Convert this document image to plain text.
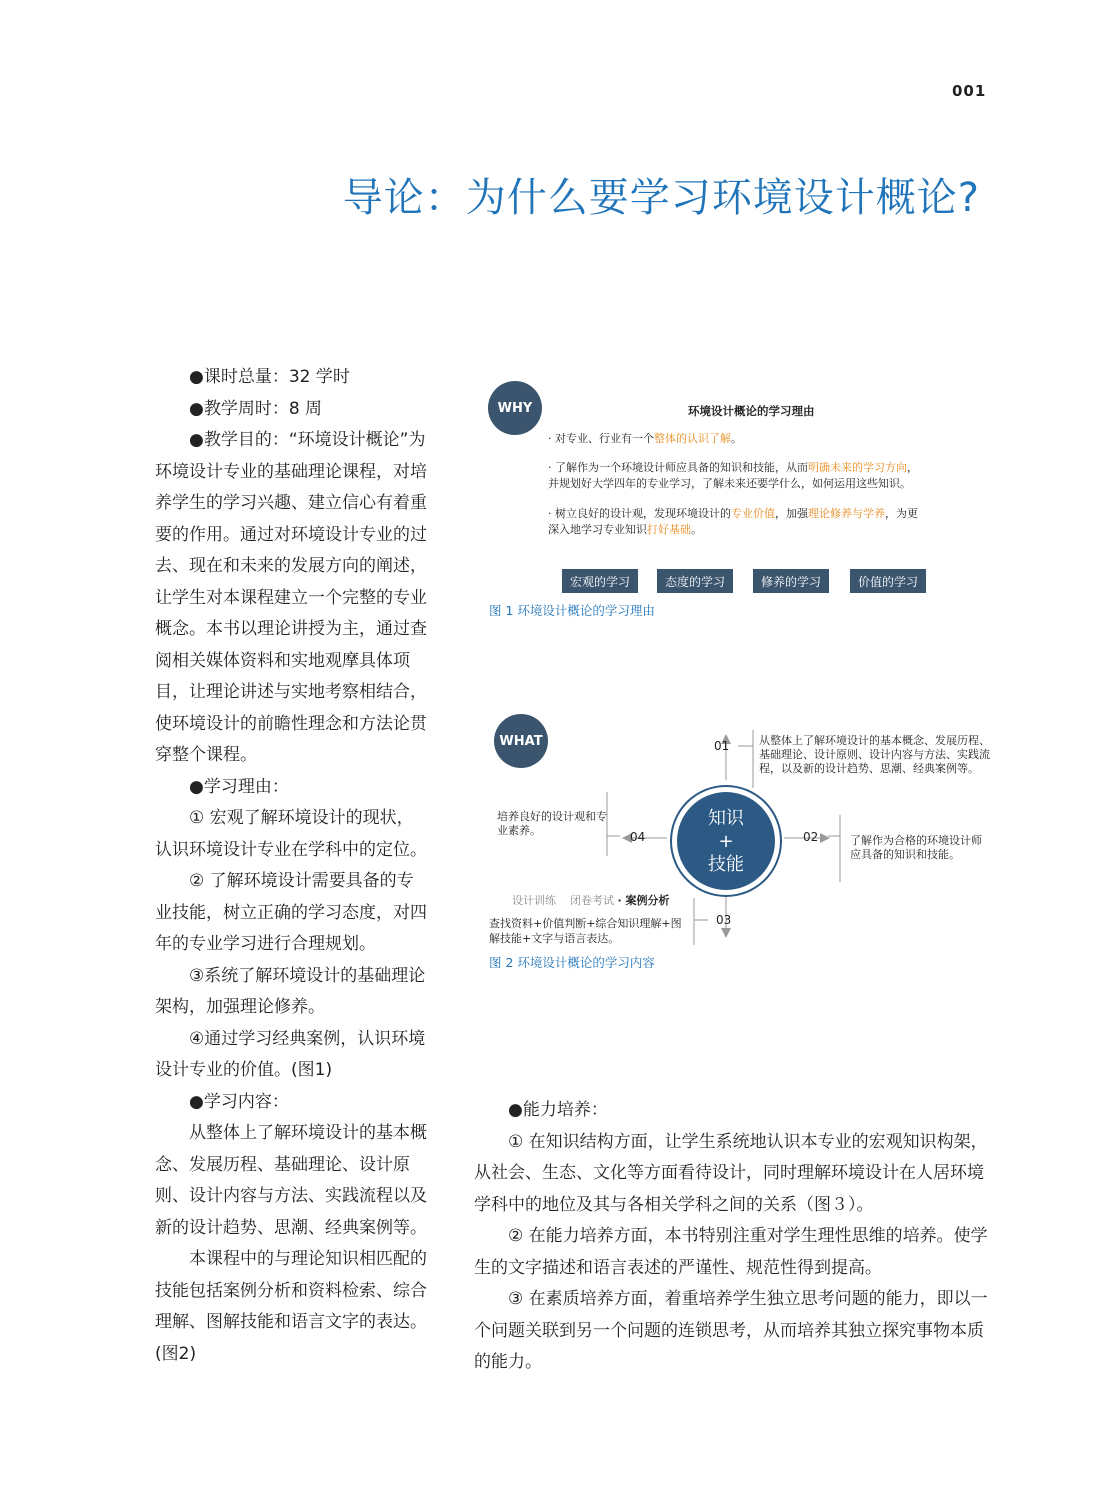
001
导论：为什么要学习环境设计概论?

●课时总量：32 学时

●教学周时：8 周

●教学目的：“环境设计概论”为环境设计专业的基础理论课程，对培养学生的学习兴趣、建立信心有着重要的作用。通过对环境设计专业的过去、现在和未来的发展方向的阐述，让学生对本课程建立一个完整的专业概念。本书以理论讲授为主，通过查阅相关媒体资料和实地观摩具体项目，让理论讲述与实地考察相结合，使环境设计的前瞻性理念和方法论贯穿整个课程。

●学习理由：

① 宏观了解环境设计的现状，认识环境设计专业在学科中的定位。

② 了解环境设计需要具备的专业技能，树立正确的学习态度，对四年的专业学习进行合理规划。

③系统了解环境设计的基础理论架构，加强理论修养。

④通过学习经典案例，认识环境设计专业的价值。(图1)

●学习内容：

从整体上了解环境设计的基本概念、发展历程、基础理论、设计原则、设计内容与方法、实践流程以及新的设计趋势、思潮、经典案例等。

本课程中的与理论知识相匹配的技能包括案例分析和资料检索、综合理解、图解技能和语言文字的表达。(图2)

WHY	环境设计概论的学习理由
· 对专业、行业有一个整体的认识了解。
· 了解作为一个环境设计师应具备的知识和技能，从而明确未来的学习方向，
并规划好大学四年的专业学习，了解未来还要学什么，如何运用这些知识。
· 树立良好的设计观，发现环境设计的专业价值，加强理论修养与学养，为更
深入地学习专业知识打好基础。
宏观的学习	态度的学习	修养的学习	价值的学习
图 1 环境设计概论的学习理由
WHAT
知识
+
技能
01	从整体上了解环境设计的基本概念、发展历程、基础理论、设计原则、设计内容与方法、实践流程，以及新的设计趋势、思潮、经典案例等。
02	了解作为合格的环境设计师应具备的知识和技能。
04
培养良好的设计观和专业素养。
设计训练 闭卷考试 · 案例分析
03
查找资料+价值判断+综合知识理解+图解技能+文字与语言表达。
图 2 环境设计概论的学习内容

●能力培养：

① 在知识结构方面，让学生系统地认识本专业的宏观知识构架，从社会、生态、文化等方面看待设计，同时理解环境设计在人居环境学科中的地位及其与各相关学科之间的关系（图３）。

② 在能力培养方面，本书特别注重对学生理性思维的培养。使学生的文字描述和语言表述的严谨性、规范性得到提高。

③ 在素质培养方面，着重培养学生独立思考问题的能力，即以一个问题关联到另一个问题的连锁思考，从而培养其独立探究事物本质的能力。
